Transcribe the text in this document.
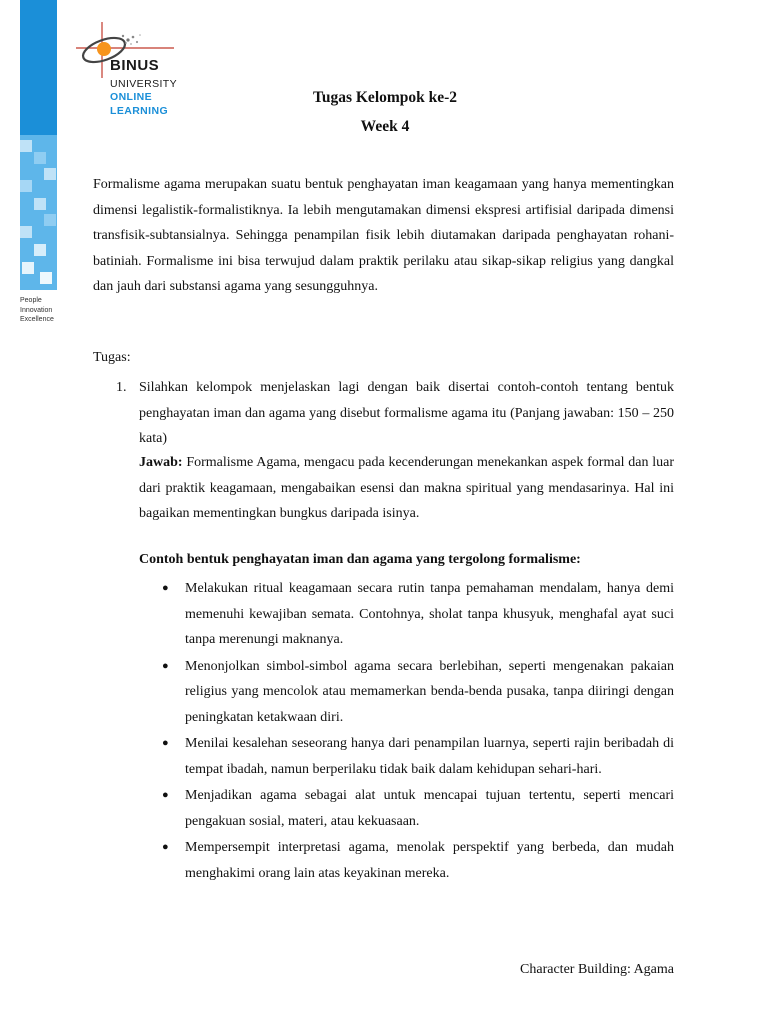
People
Innovation
Excellence
BINUS
UNIVERSITY
ONLINE
LEARNING
Tugas Kelompok ke-2
Week 4
Formalisme agama merupakan suatu bentuk penghayatan iman keagamaan yang hanya mementingkan dimensi legalistik-formalistiknya. Ia lebih mengutamakan dimensi ekspresi artifisial daripada dimensi transfisik-subtansialnya. Sehingga penampilan fisik lebih diutamakan daripada penghayatan rohani-batiniah. Formalisme ini bisa terwujud dalam praktik perilaku atau sikap-sikap religius yang dangkal dan jauh dari substansi agama yang sesungguhnya.
Tugas:
1. Silahkan kelompok menjelaskan lagi dengan baik disertai contoh-contoh tentang bentuk penghayatan iman dan agama yang disebut formalisme agama itu (Panjang jawaban: 150 – 250 kata)
Jawab: Formalisme Agama, mengacu pada kecenderungan menekankan aspek formal dan luar dari praktik keagamaan, mengabaikan esensi dan makna spiritual yang mendasarinya. Hal ini bagaikan mementingkan bungkus daripada isinya.
Contoh bentuk penghayatan iman dan agama yang tergolong formalisme:
● Melakukan ritual keagamaan secara rutin tanpa pemahaman mendalam, hanya demi memenuhi kewajiban semata. Contohnya, sholat tanpa khusyuk, menghafal ayat suci tanpa merenungi maknanya.
● Menonjolkan simbol-simbol agama secara berlebihan, seperti mengenakan pakaian religius yang mencolok atau memamerkan benda-benda pusaka, tanpa diiringi dengan peningkatan ketakwaan diri.
● Menilai kesalehan seseorang hanya dari penampilan luarnya, seperti rajin beribadah di tempat ibadah, namun berperilaku tidak baik dalam kehidupan sehari-hari.
● Menjadikan agama sebagai alat untuk mencapai tujuan tertentu, seperti mencari pengakuan sosial, materi, atau kekuasaan.
● Mempersempit interpretasi agama, menolak perspektif yang berbeda, dan mudah menghakimi orang lain atas keyakinan mereka.
Character Building: Agama
